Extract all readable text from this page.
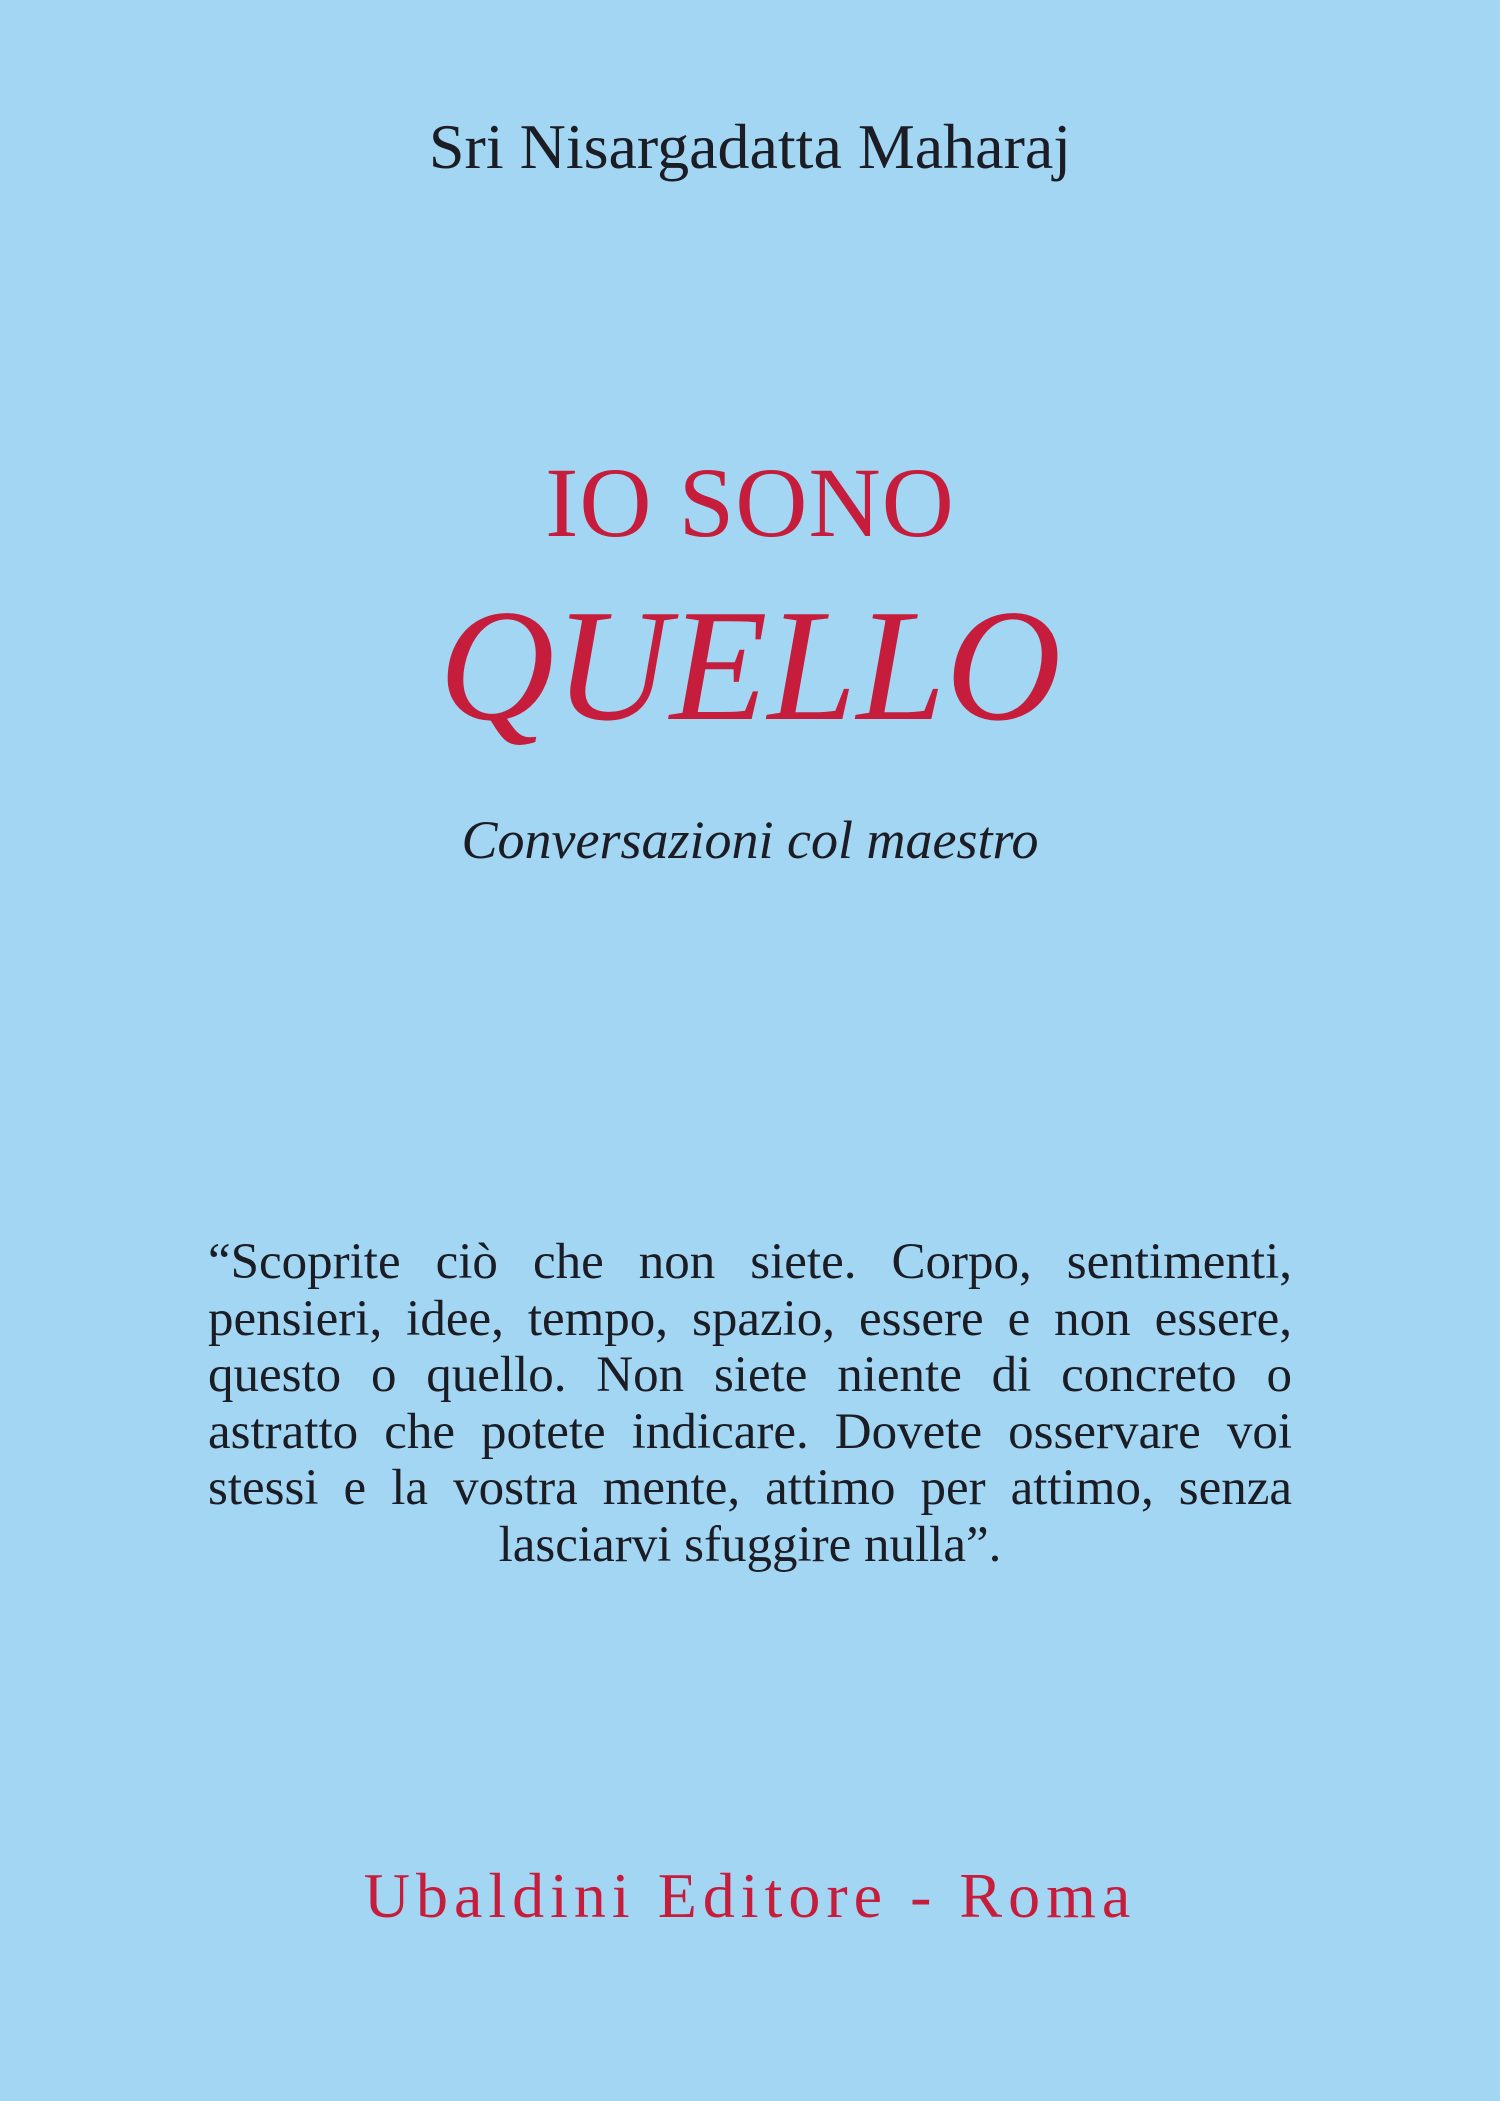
Sri Nisargadatta Maharaj
IO SONO
QUELLO
Conversazioni col maestro
“Scoprite ciò che non siete. Corpo, sentimenti,
pensieri, idee, tempo, spazio, essere e non essere,
questo o quello. Non siete niente di concreto o
astratto che potete indicare. Dovete osservare voi
stessi e la vostra mente, attimo per attimo, senza
lasciarvi sfuggire nulla”.
Ubaldini Editore - Roma
